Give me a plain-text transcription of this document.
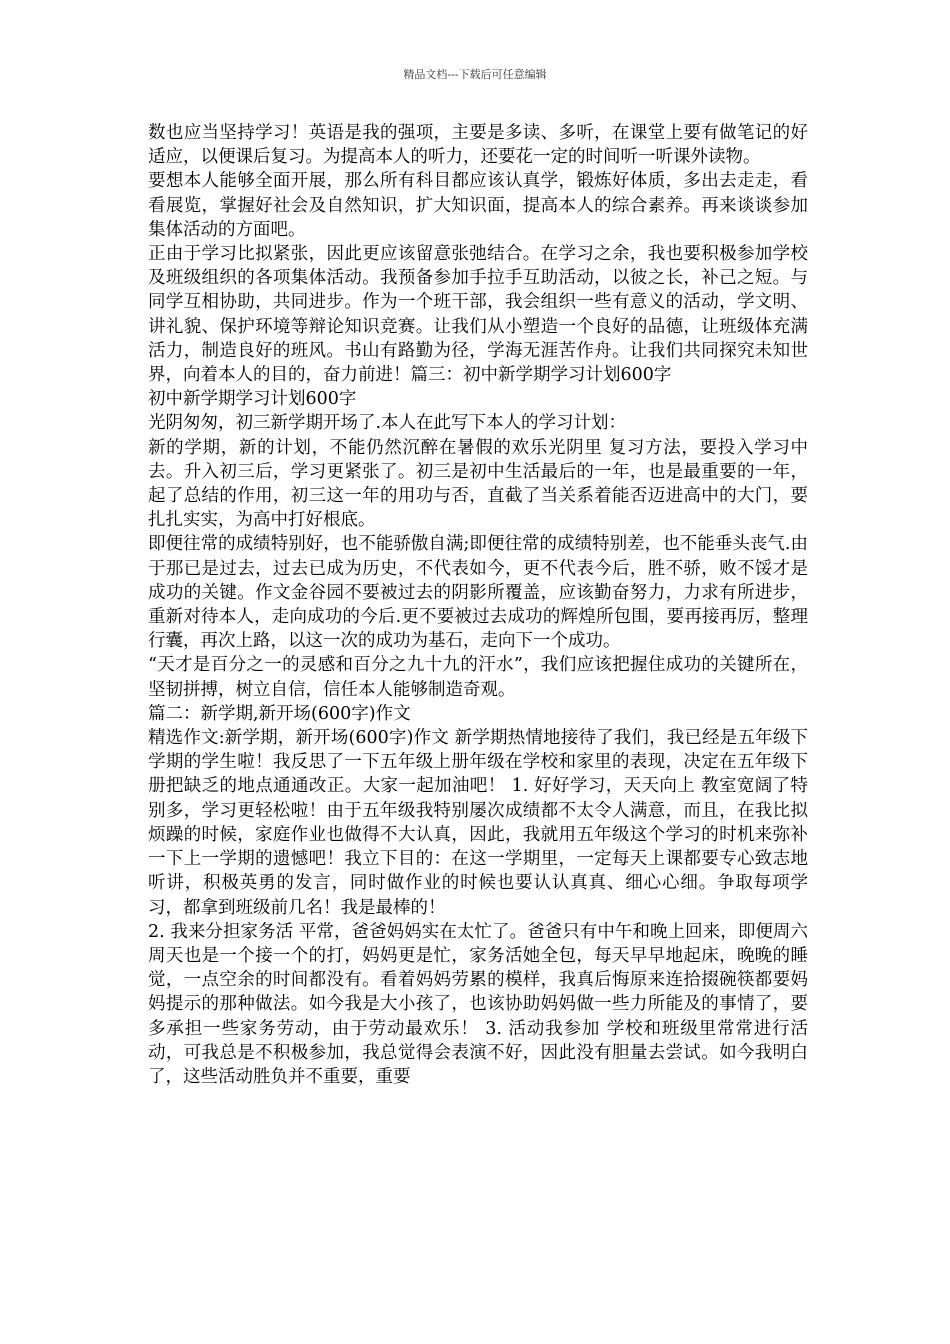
精品文档---下载后可任意编辑

数也应当坚持学习！英语是我的强项，主要是多读、多听，在课堂上要有做笔记的好适应，以便课后复习。为提高本人的听力，还要花一定的时间听一听课外读物。

要想本人能够全面开展，那么所有科目都应该认真学，锻炼好体质，多出去走走，看看展览，掌握好社会及自然知识，扩大知识面，提高本人的综合素养。再来谈谈参加集体活动的方面吧。

正由于学习比拟紧张，因此更应该留意张弛结合。在学习之余，我也要积极参加学校及班级组织的各项集体活动。我预备参加手拉手互助活动，以彼之长，补己之短。与同学互相协助，共同进步。作为一个班干部，我会组织一些有意义的活动，学文明、讲礼貌、保护环境等辩论知识竞赛。让我们从小塑造一个良好的品德，让班级体充满活力，制造良好的班风。书山有路勤为径，学海无涯苦作舟。让我们共同探究未知世界，向着本人的目的，奋力前进！篇三：初中新学期学习计划600字

初中新学期学习计划600字

光阴匆匆，初三新学期开场了.本人在此写下本人的学习计划：

新的学期，新的计划，不能仍然沉醉在暑假的欢乐光阴里 复习方法，要投入学习中去。升入初三后，学习更紧张了。初三是初中生活最后的一年，也是最重要的一年，起了总结的作用，初三这一年的用功与否，直截了当关系着能否迈进高中的大门，要扎扎实实，为高中打好根底。

即便往常的成绩特别好，也不能骄傲自满;即便往常的成绩特别差，也不能垂头丧气.由于那已是过去，过去已成为历史，不代表如今，更不代表今后，胜不骄，败不馁才是成功的关键。作文金谷园不要被过去的阴影所覆盖，应该勤奋努力，力求有所进步，重新对待本人，走向成功的今后.更不要被过去成功的辉煌所包围，要再接再厉，整理行囊，再次上路，以这一次的成功为基石，走向下一个成功。

“天才是百分之一的灵感和百分之九十九的汗水”，我们应该把握住成功的关键所在，坚韧拼搏，树立自信，信任本人能够制造奇观。

篇二：新学期,新开场(600字)作文

精选作文:新学期，新开场(600字)作文 新学期热情地接待了我们，我已经是五年级下学期的学生啦！我反思了一下五年级上册年级在学校和家里的表现，决定在五年级下册把缺乏的地点通通改正。大家一起加油吧！ 1. 好好学习，天天向上 教室宽阔了特别多，学习更轻松啦！由于五年级我特别屡次成绩都不太令人满意，而且，在我比拟烦躁的时候，家庭作业也做得不大认真，因此，我就用五年级这个学习的时机来弥补一下上一学期的遗憾吧！我立下目的：在这一学期里，一定每天上课都要专心致志地听讲，积极英勇的发言，同时做作业的时候也要认认真真、细心心细。争取每项学习，都拿到班级前几名！我是最棒的！

2. 我来分担家务活 平常，爸爸妈妈实在太忙了。爸爸只有中午和晚上回来，即便周六周天也是一个接一个的打，妈妈更是忙，家务活她全包，每天早早地起床，晚晚的睡觉，一点空余的时间都没有。看着妈妈劳累的模样，我真后悔原来连拾掇碗筷都要妈妈提示的那种做法。如今我是大小孩了，也该协助妈妈做一些力所能及的事情了，要多承担一些家务劳动，由于劳动最欢乐！ 3. 活动我参加 学校和班级里常常进行活动，可我总是不积极参加，我总觉得会表演不好，因此没有胆量去尝试。如今我明白了，这些活动胜负并不重要，重要
